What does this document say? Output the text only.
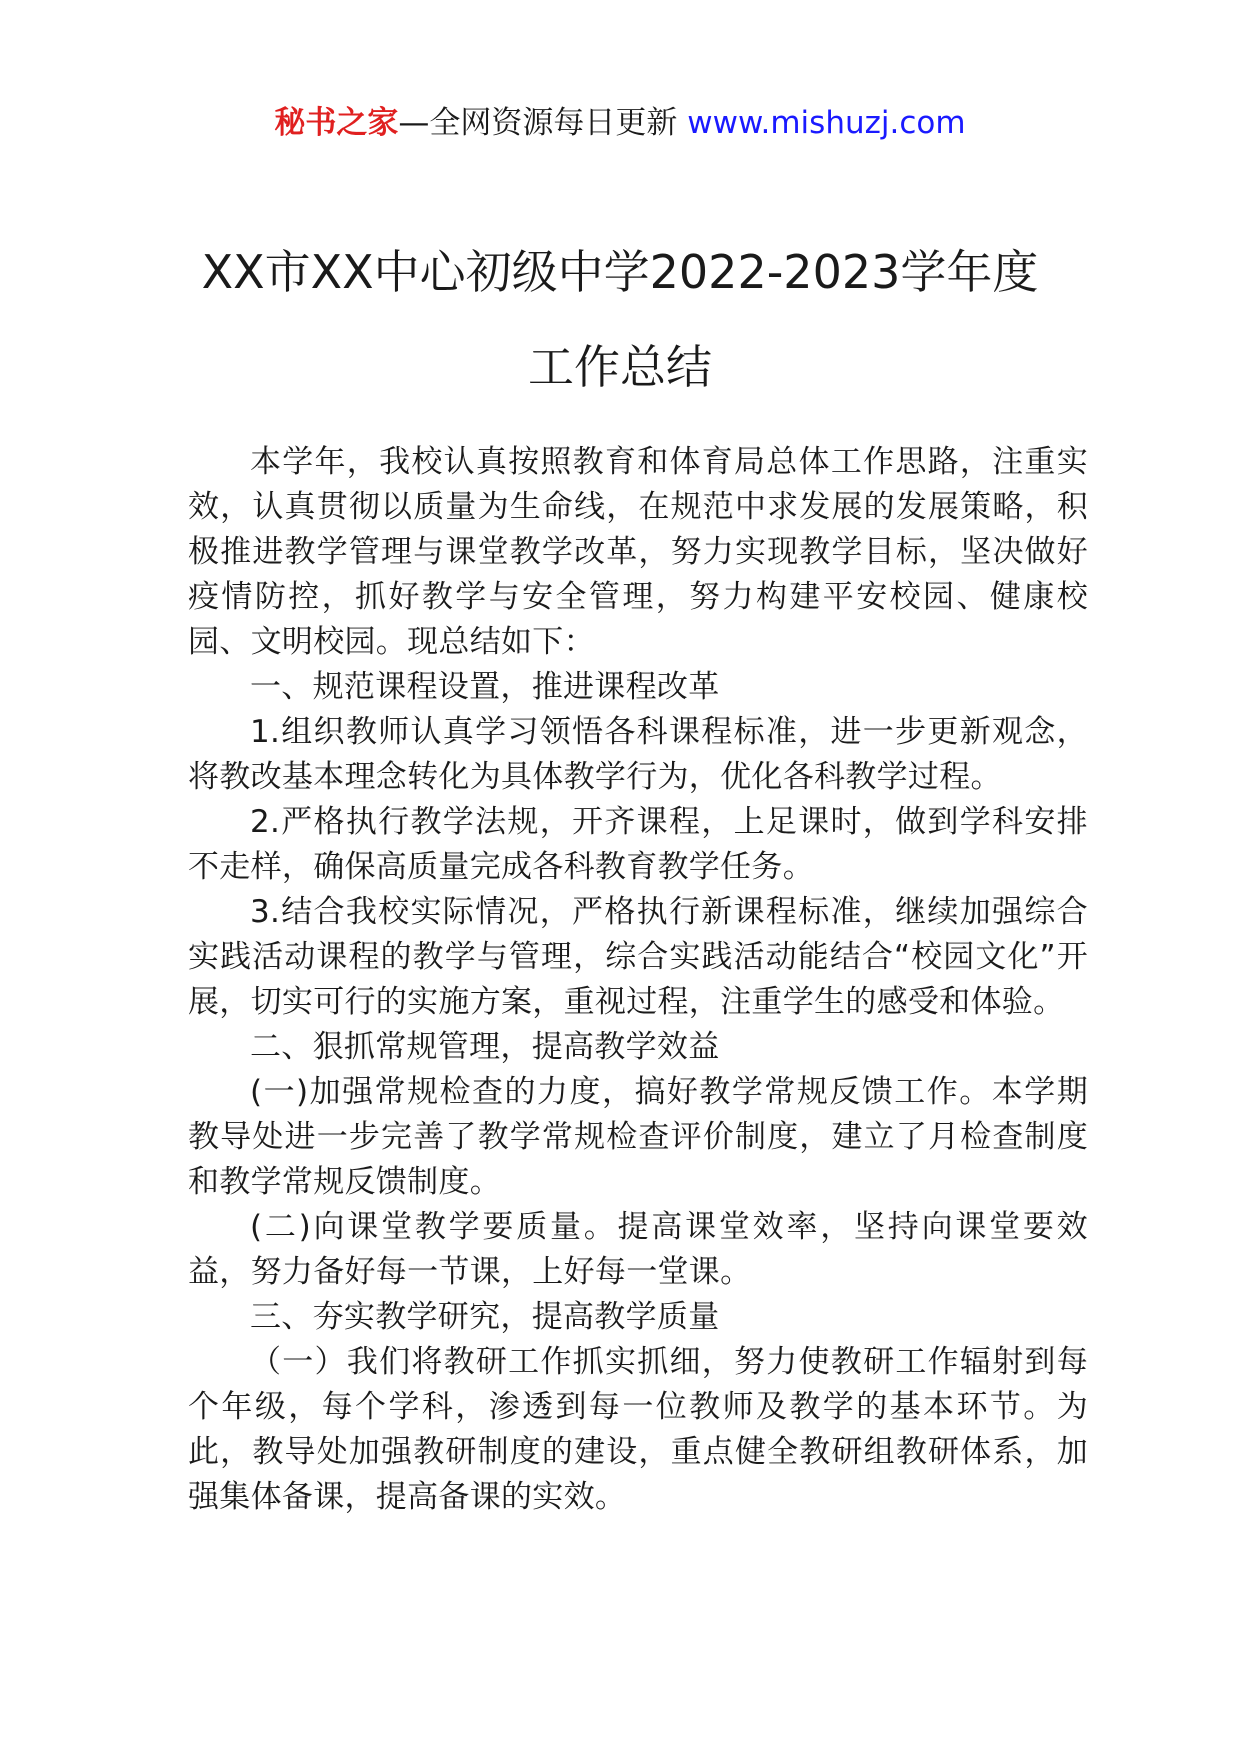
秘书之家—全网资源每日更新 www.mishuzj.com
XX市XX中心初级中学2022-2023学年度
工作总结

本学年，我校认真按照教育和体育局总体工作思路，注重实效，认真贯彻以质量为生命线，在规范中求发展的发展策略，积极推进教学管理与课堂教学改革，努力实现教学目标，坚决做好疫情防控，抓好教学与安全管理，努力构建平安校园、健康校园、文明校园。现总结如下：

一、规范课程设置，推进课程改革

1.组织教师认真学习领悟各科课程标准，进一步更新观念，将教改基本理念转化为具体教学行为，优化各科教学过程。

2.严格执行教学法规，开齐课程，上足课时，做到学科安排不走样，确保高质量完成各科教育教学任务。

3.结合我校实际情况，严格执行新课程标准，继续加强综合实践活动课程的教学与管理，综合实践活动能结合“校园文化”开展，切实可行的实施方案，重视过程，注重学生的感受和体验。

二、狠抓常规管理，提高教学效益

(一)加强常规检查的力度，搞好教学常规反馈工作。本学期教导处进一步完善了教学常规检查评价制度，建立了月检查制度和教学常规反馈制度。

(二)向课堂教学要质量。提高课堂效率，坚持向课堂要效益，努力备好每一节课，上好每一堂课。

三、夯实教学研究，提高教学质量

（一）我们将教研工作抓实抓细，努力使教研工作辐射到每个年级，每个学科，渗透到每一位教师及教学的基本环节。为此，教导处加强教研制度的建设，重点健全教研组教研体系，加强集体备课，提高备课的实效。
